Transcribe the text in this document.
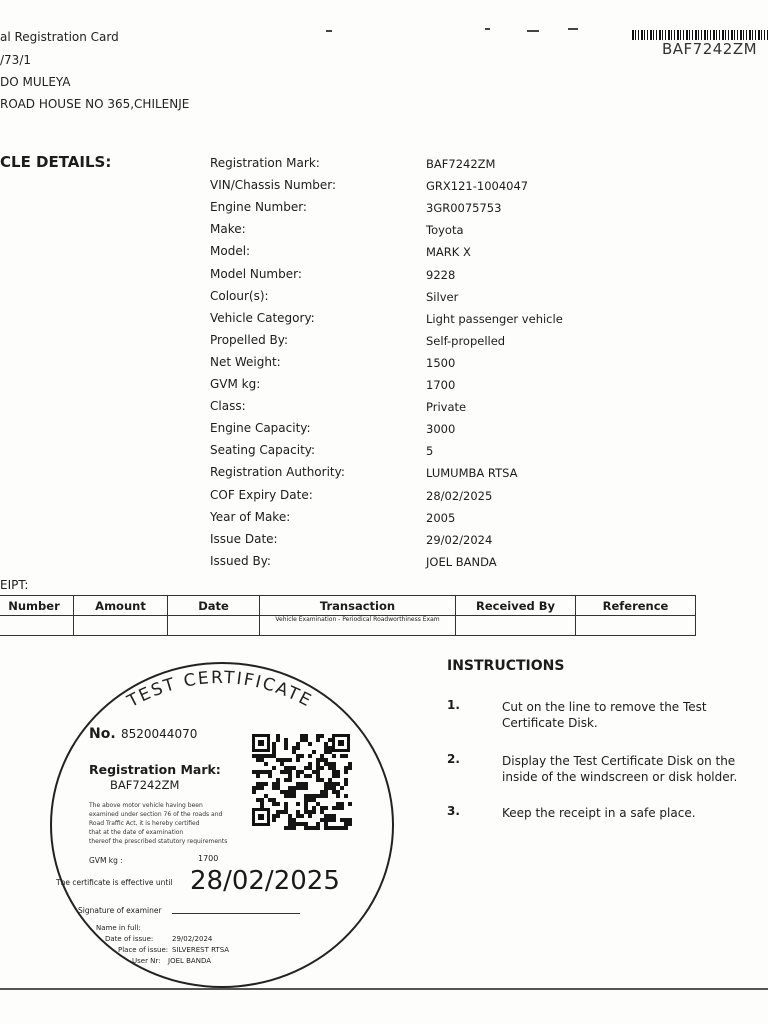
al Registration Card
/73/1
DO MULEYA
ROAD HOUSE NO 365,CHILENJE
BAF7242ZM
CLE DETAILS:	Registration Mark:	BAF7242ZM
VIN/Chassis Number:	GRX121-1004047
Engine Number:	3GR0075753
Make:	Toyota
Model:	MARK X
Model Number:	9228
Colour(s):	Silver
Vehicle Category:	Light passenger vehicle
Propelled By:	Self-propelled
Net Weight:	1500
GVM kg:	1700
Class:	Private
Engine Capacity:	3000
Seating Capacity:	5
Registration Authority:	LUMUMBA RTSA
COF Expiry Date:	28/02/2025
Year of Make:	2005
Issue Date:	29/02/2024
Issued By:	JOEL BANDA
EIPT:
Number	Amount	Date	Transaction	Received By	Reference
			Vehicle Examination - Periodical Roadworthiness Exam		
TEST CERTIFICATE
No. 8520044070
Registration Mark:
BAF7242ZM
The above motor vehicle having been
examined under section 76 of the roads and
Road Traffic Act, it is hereby certified
that at the date of examination
thereof the prescribed statutory requirements
GVM kg :	1700
The certificate is effective until 28/02/2025
Signature of examiner
Name in full:
Date of issue:	29/02/2024
Place of issue: SILVEREST RTSA
User Nr: JOEL BANDA
INSTRUCTIONS
1.	Cut on the line to remove the Test Certificate Disk.
2.	Display the Test Certificate Disk on the inside of the windscreen or disk holder.
3.	Keep the receipt in a safe place.
